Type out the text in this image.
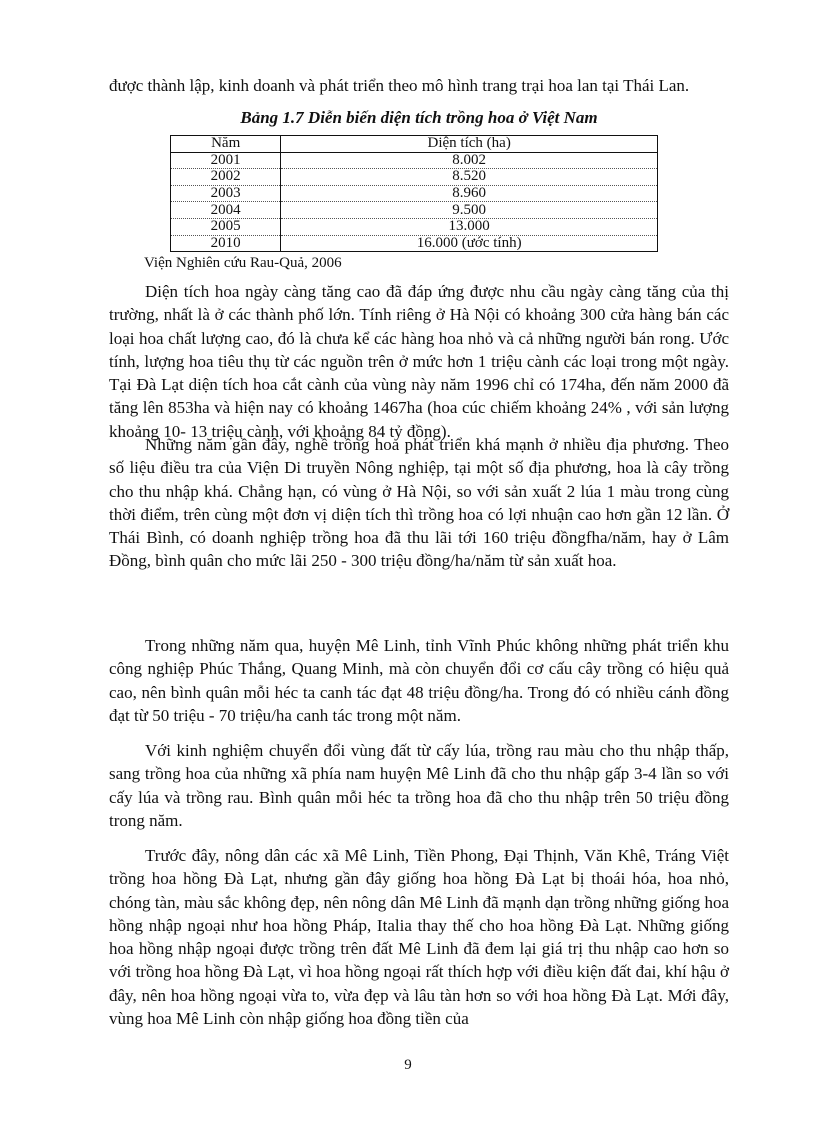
được thành lập, kinh doanh và phát triển theo mô hình trang trại hoa lan tại Thái Lan.
Bảng 1.7 Diễn biến diện tích trồng hoa ở Việt Nam
Năm	Diện tích (ha)
2001	8.002
2002	8.520
2003	8.960
2004	9.500
2005	13.000
2010	16.000 (ước tính)
Viện Nghiên cứu Rau-Quả, 2006

Diện tích hoa ngày càng tăng cao đã đáp ứng được nhu cầu ngày càng tăng của thị trường, nhất là ở các thành phố lớn. Tính riêng ở Hà Nội có khoảng 300 cửa hàng bán các loại hoa chất lượng cao, đó là chưa kể các hàng hoa nhỏ và cả những người bán rong. Ước tính, lượng hoa tiêu thụ từ các nguồn trên ở mức hơn 1 triệu cành các loại trong một ngày. Tại Đà Lạt diện tích hoa cắt cành của vùng này năm 1996 chỉ có 174ha, đến năm 2000 đã tăng lên 853ha và hiện nay có khoảng 1467ha (hoa cúc chiếm khoảng 24% , với sản lượng khoảng 10- 13 triệu cành, với khoảng 84 tỷ đồng).

Những năm gần đây, nghề trồng hoa phát triển khá mạnh ở nhiều địa phương. Theo số liệu điều tra của Viện Di truyền Nông nghiệp, tại một số địa phương, hoa là cây trồng cho thu nhập khá. Chẳng hạn, có vùng ở Hà Nội, so với sản xuất 2 lúa 1 màu trong cùng thời điểm, trên cùng một đơn vị diện tích thì trồng hoa có lợi nhuận cao hơn gần 12 lần. Ở Thái Bình, có doanh nghiệp trồng hoa đã thu lãi tới 160 triệu đồngfha/năm, hay ở Lâm Đồng, bình quân cho mức lãi 250 - 300 triệu đồng/ha/năm từ sản xuất hoa.

Trong những năm qua, huyện Mê Linh, tỉnh Vĩnh Phúc không những phát triển khu công nghiệp Phúc Thắng, Quang Minh, mà còn chuyển đổi cơ cấu cây trồng có hiệu quả cao, nên bình quân mỗi héc ta canh tác đạt 48 triệu đồng/ha. Trong đó có nhiều cánh đồng đạt từ 50 triệu - 70 triệu/ha canh tác trong một năm.

Với kinh nghiệm chuyển đổi vùng đất từ cấy lúa, trồng rau màu cho thu nhập thấp, sang trồng hoa của những xã phía nam huyện Mê Linh đã cho thu nhập gấp 3-4 lần so với cấy lúa và trồng rau. Bình quân mỗi héc ta trồng hoa đã cho thu nhập trên 50 triệu đồng trong năm.

Trước đây, nông dân các xã Mê Linh, Tiền Phong, Đại Thịnh, Văn Khê, Tráng Việt trồng hoa hồng Đà Lạt, nhưng gần đây giống hoa hồng Đà Lạt bị thoái hóa, hoa nhỏ, chóng tàn, màu sắc không đẹp, nên nông dân Mê Linh đã mạnh dạn trồng những giống hoa hồng nhập ngoại như hoa hồng Pháp, Italia thay thế cho hoa hồng Đà Lạt. Những giống hoa hồng nhập ngoại được trồng trên đất Mê Linh đã đem lại giá trị thu nhập cao hơn so với trồng hoa hồng Đà Lạt, vì hoa hồng ngoại rất thích hợp với điều kiện đất đai, khí hậu ở đây, nên hoa hồng ngoại vừa to, vừa đẹp và lâu tàn hơn so với hoa hồng Đà Lạt. Mới đây, vùng hoa Mê Linh còn nhập giống hoa đồng tiền của

9
